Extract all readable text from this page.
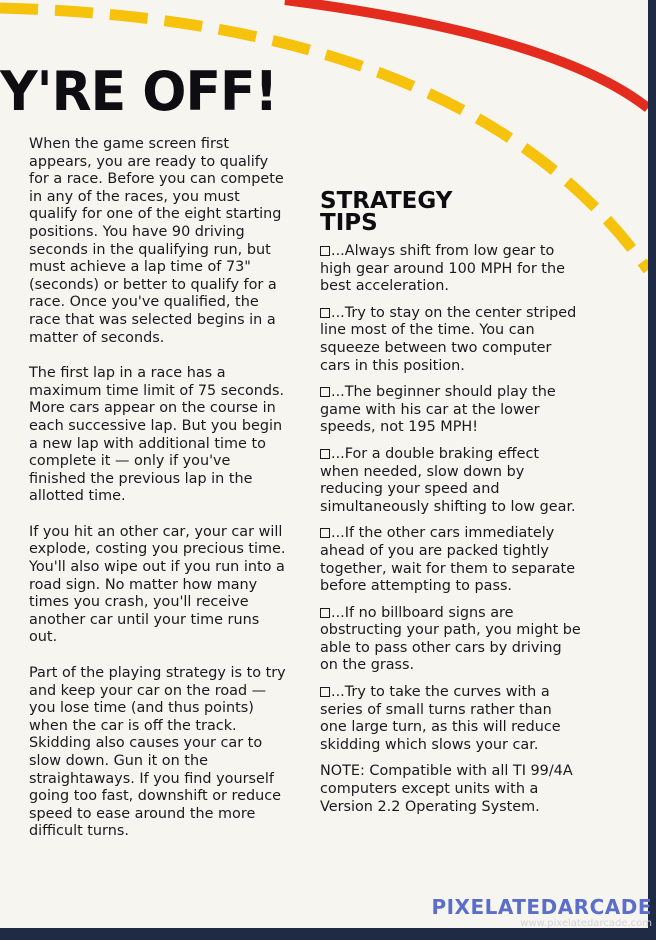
Y'RE OFF!

When the game screen first appears, you are ready to qualify for a race. Before you can compete in any of the races, you must qualify for one of the eight starting positions. You have 90 driving seconds in the qualifying run, but must achieve a lap time of 73" (seconds) or better to qualify for a race. Once you've qualified, the race that was selected begins in a matter of seconds.

The first lap in a race has a maximum time limit of 75 seconds. More cars appear on the course in each successive lap. But you begin a new lap with additional time to complete it — only if you've finished the previous lap in the allotted time.

If you hit an other car, your car will explode, costing you precious time. You'll also wipe out if you run into a road sign. No matter how many times you crash, you'll receive another car until your time runs out.

Part of the playing strategy is to try and keep your car on the road — you lose time (and thus points) when the car is off the track. Skidding also causes your car to slow down. Gun it on the straightaways. If you find yourself going too fast, downshift or reduce speed to ease around the more difficult turns.

STRATEGY
TIPS

...Always shift from low gear to high gear around 100 MPH for the best acceleration.

...Try to stay on the center striped line most of the time. You can squeeze between two computer cars in this position.

...The beginner should play the game with his car at the lower speeds, not 195 MPH!

...For a double braking effect when needed, slow down by reducing your speed and simultaneously shifting to low gear.

...If the other cars immediately ahead of you are packed tightly together, wait for them to separate before attempting to pass.

...If no billboard signs are obstructing your path, you might be able to pass other cars by driving on the grass.

...Try to take the curves with a series of small turns rather than one large turn, as this will reduce skidding which slows your car.

NOTE: Compatible with all TI 99/4A computers except units with a Version 2.2 Operating System.

PIXELATEDARCADE
www.pixelatedarcade.com
